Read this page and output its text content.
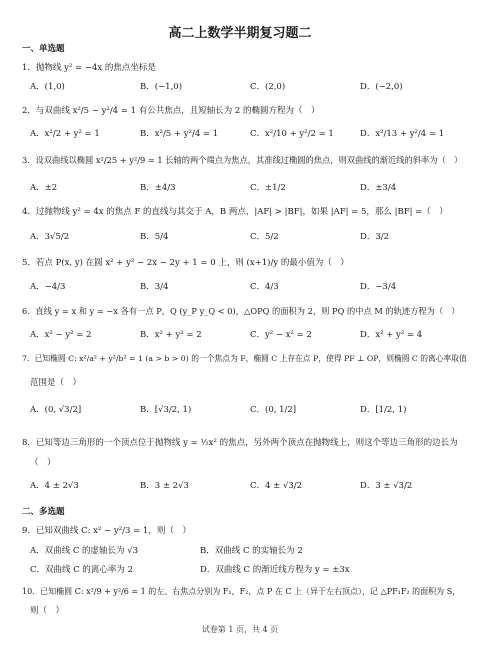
高二上数学半期复习题二
一、单选题
1．抛物线 y² = −4x 的焦点坐标是
A．(1,0)	B．(−1,0)	C．(2,0)	D．(−2,0)
2．与双曲线 x²/5 − y²/4 = 1 有公共焦点，且短轴长为 2 的椭圆方程为（　）
A．x²/2 + y² = 1	B．x²/5 + y²/4 = 1	C．x²/10 + y²/2 = 1	D．x²/13 + y²/4 = 1
3．设双曲线以椭圆 x²/25 + y²/9 = 1 长轴的两个端点为焦点，其准线过椭圆的焦点，则双曲线的渐近线的斜率为（　）
A．±2	B．±4/3	C．±1/2	D．±3/4
4．过抛物线 y² = 4x 的焦点 F 的直线与其交于 A，B 两点，|AF| > |BF|，如果 |AF| = 5，那么 |BF| =（　）
A．3√5/2	B．5/4	C．5/2	D．3/2
5．若点 P(x, y) 在圆 x² + y² − 2x − 2y + 1 = 0 上，则 (x+1)/y 的最小值为（　）
A．−4/3	B．3/4	C．4/3	D．−3/4
6．直线 y = x 和 y = −x 各有一点 P，Q (y_P y_Q < 0)，△OPQ 的面积为 2，则 PQ 的中点 M 的轨迹方程为（　）
A．x² − y² = 2	B．x² + y² = 2	C．y² − x² = 2	D．x² + y² = 4
7．已知椭圆 C: x²/a² + y²/b² = 1 (a > b > 0) 的一个焦点为 F，椭圆 C 上存在点 P，使得 PF ⊥ OP，则椭圆 C 的离心率取值
范围是（　）
A．(0, √3/2]	B．[√3/2, 1)	C．(0, 1/2]	D．[1/2, 1)
8．已知等边三角形的一个顶点位于抛物线 y = ½x² 的焦点，另外两个顶点在抛物线上，则这个等边三角形的边长为
（　）
A．4 ± 2√3	B．3 ± 2√3	C．4 ± √3/2	D．3 ± √3/2
二、多选题
9．已知双曲线 C: x² − y²/3 = 1，则（　）
A．双曲线 C 的虚轴长为 √3	B．双曲线 C 的实轴长为 2
C．双曲线 C 的离心率为 2	D．双曲线 C 的渐近线方程为 y = ±3x
10．已知椭圆 C: x²/9 + y²/6 = 1 的左、右焦点分别为 F₁，F₂，点 P 在 C 上（异于左右顶点），记 △PF₁F₂ 的面积为 S，
则（　）
试卷第 1 页，共 4 页
